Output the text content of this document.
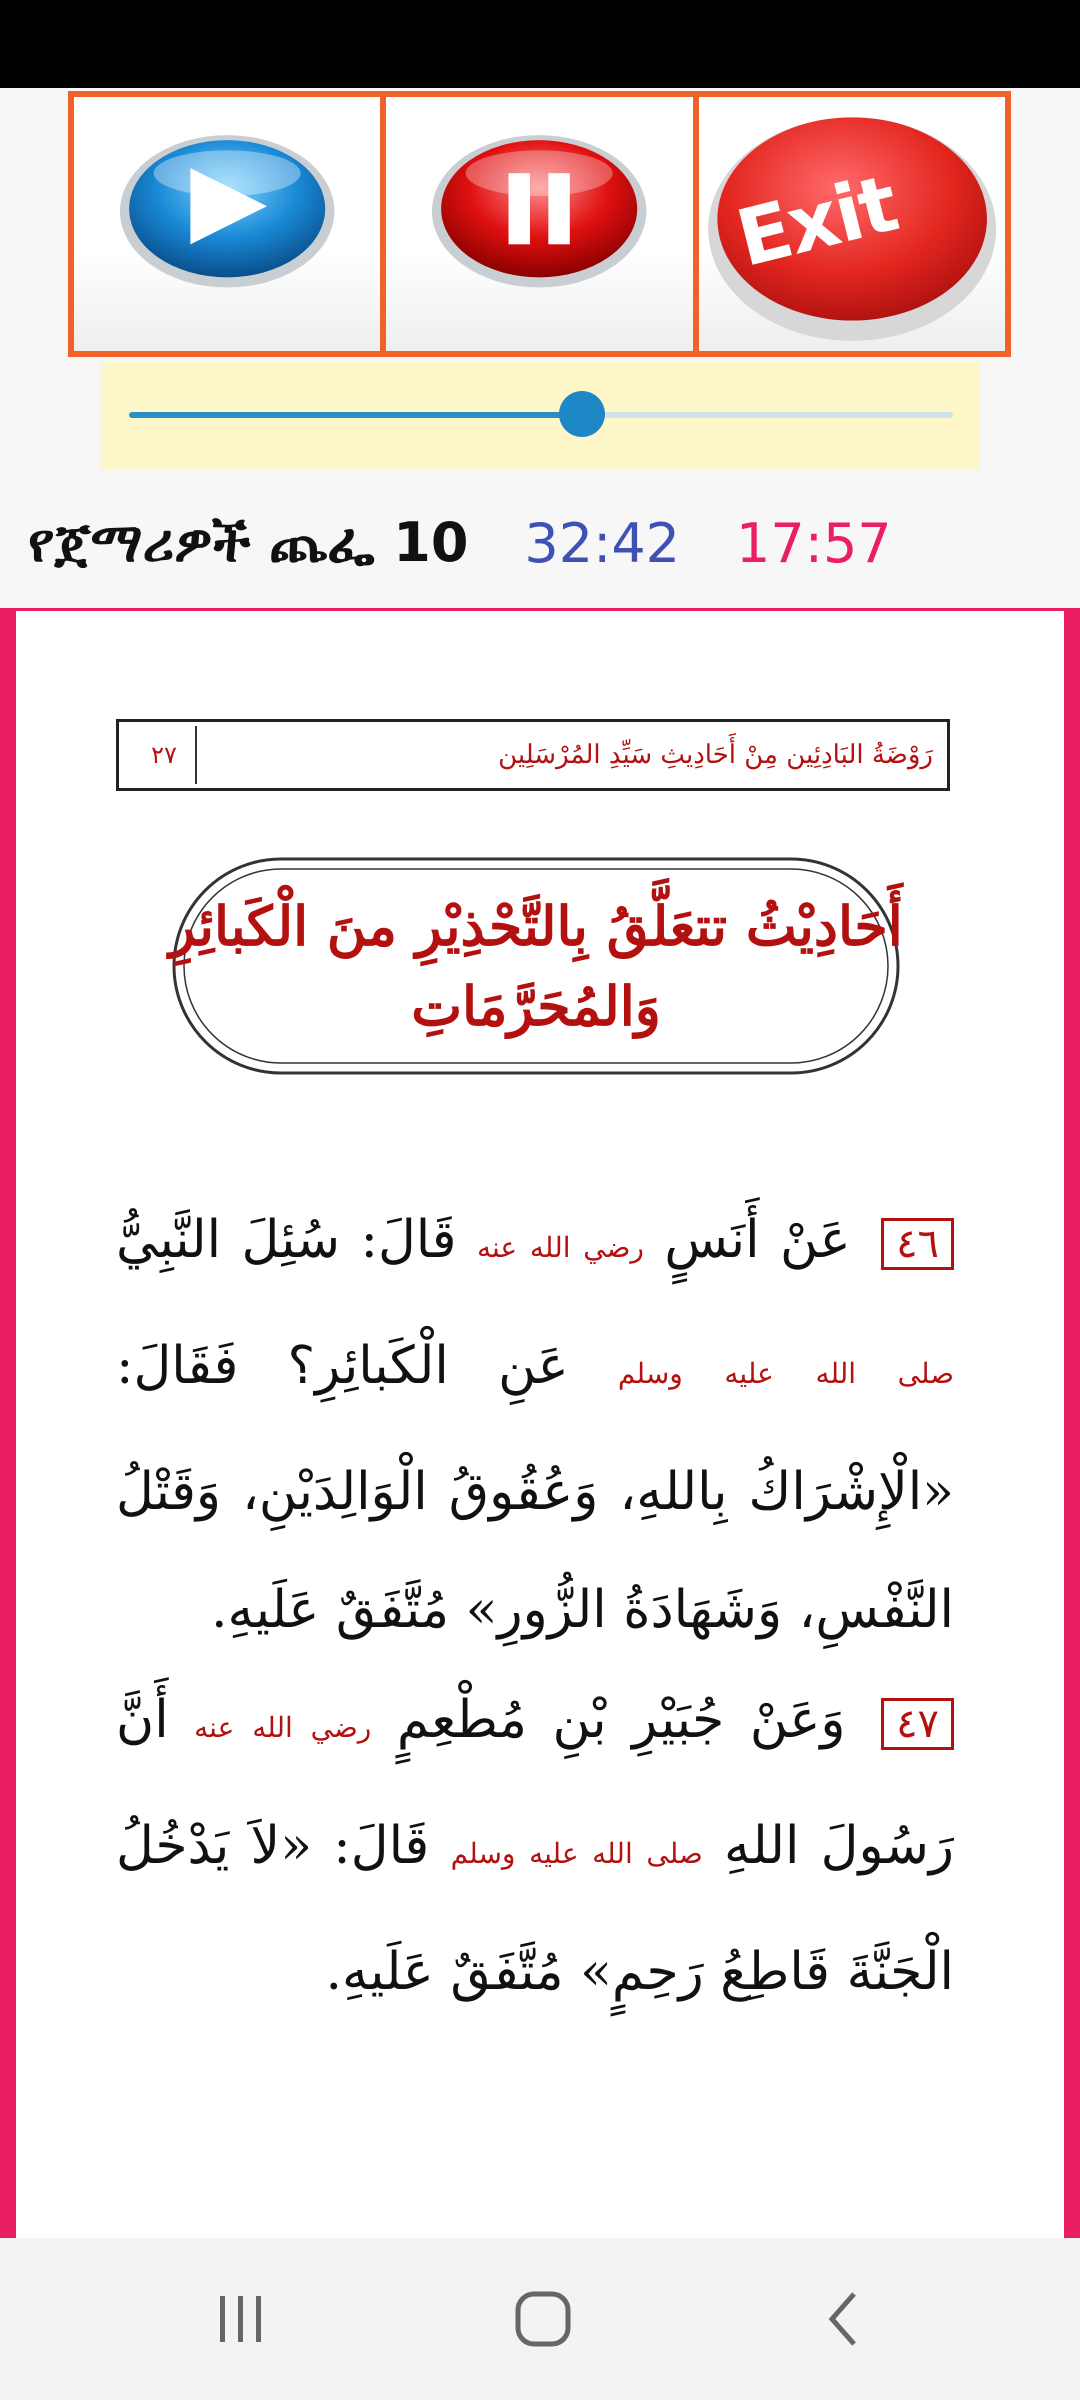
Exit
የጀማሪዎች ጨፌ 10 32:42 17:57
رَوْضَةُ البَادِئِين مِنْ أَحَادِيثِ سَيِّدِ المُرْسَلِين
٢٧
أَحَادِيْثُ تتعَلَّقُ بِالتَّحْذِيْرِ منَ الْكَبائِرِ
وَالمُحَرَّمَاتِ
٤٦ عَنْ أَنَسٍ رضي الله عنه قَالَ: سُئِلَ النَّبِيُّ صلى الله عليه وسلم عَنِ الْكَبائِرِ؟ فَقَالَ: «الْإِشْرَاكُ بِاللهِ، وَعُقُوقُ الْوَالِدَيْنِ، وَقَتْلُ النَّفْسِ، وَشَهَادَةُ الزُّورِ» مُتَّفَقٌ عَلَيهِ.
٤٧ وَعَنْ جُبَيْرِ بْنِ مُطْعِمٍ رضي الله عنه أَنَّ رَسُولَ اللهِ صلى الله عليه وسلم قَالَ: «لاَ يَدْخُلُ الْجَنَّةَ قَاطِعُ رَحِمٍ» مُتَّفَقٌ عَلَيهِ.
